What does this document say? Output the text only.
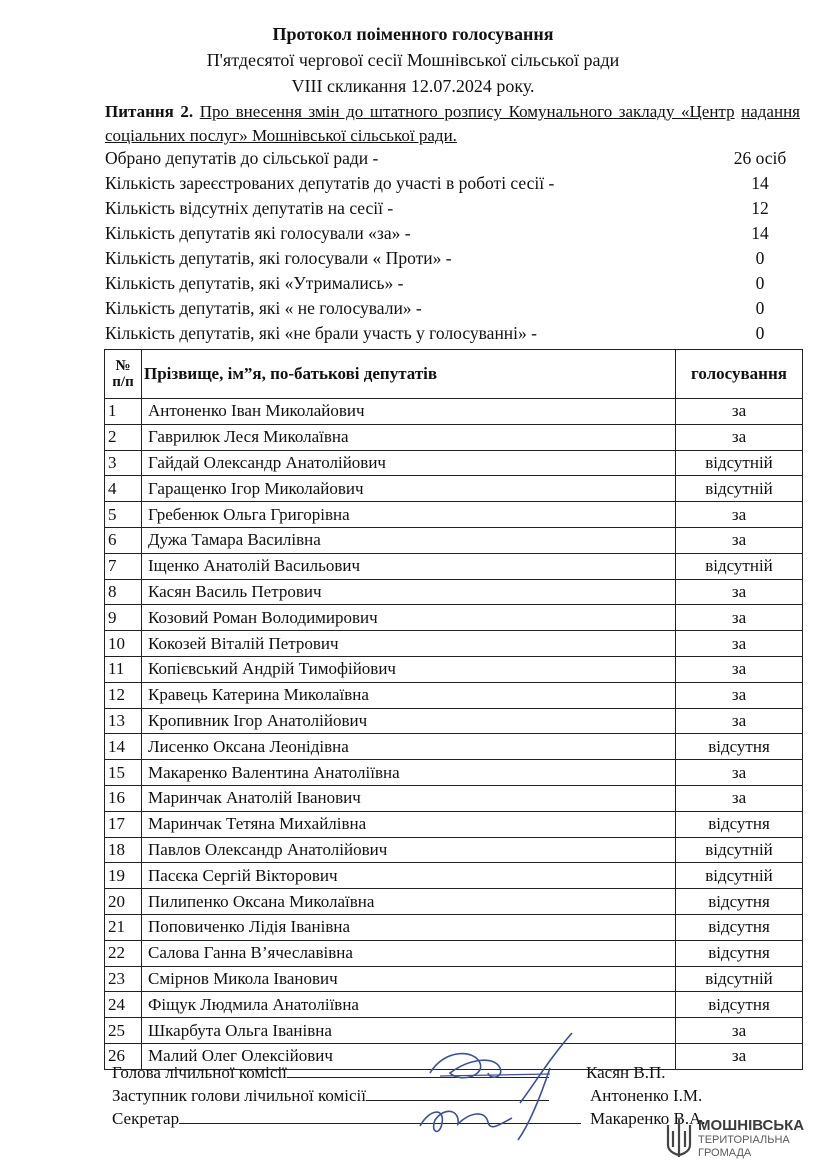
Протокол поіменного голосування
П'ятдесятої чергової сесії Мошнівської сільської ради
VIII скликання 12.07.2024 року.
Питання 2. Про внесення змін до штатного розпису Комунального закладу «Центр надання соціальних послуг» Мошнівської сільської ради.
Обрано депутатів до сільської ради -	26 осіб
Кількість зареєстрованих депутатів до участі в роботі сесії -	14
Кількість відсутніх депутатів на сесії -	12
Кількість депутатів які голосували «за» -	14
Кількість депутатів, які голосували « Проти» -	0
Кількість депутатів, які «Утримались» -	0
Кількість депутатів, які « не голосували» -	0
Кількість депутатів, які «не брали участь у голосуванні» -	0
№
п/п	Прізвище, ім”я, по-батькові депутатів	голосування
1	Антоненко Іван Миколайович	за
2	Гаврилюк Леся Миколаївна	за
3	Гайдай Олександр Анатолійович	відсутній
4	Гаращенко Ігор Миколайович	відсутній
5	Гребенюк Ольга Григорівна	за
6	Дужа Тамара Василівна	за
7	Іщенко Анатолій Васильович	відсутній
8	Касян Василь Петрович	за
9	Козовий Роман Володимирович	за
10	Кокозей Віталій Петрович	за
11	Копієвський Андрій Тимофійович	за
12	Кравець Катерина Миколаївна	за
13	Кропивник Ігор Анатолійович	за
14	Лисенко Оксана Леонідівна	відсутня
15	Макаренко Валентина Анатоліївна	за
16	Маринчак Анатолій Іванович	за
17	Маринчак Тетяна Михайлівна	відсутня
18	Павлов Олександр Анатолійович	відсутній
19	Пасєка Сергій Вікторович	відсутній
20	Пилипенко Оксана Миколаївна	відсутня
21	Поповиченко Лідія Іванівна	відсутня
22	Салова Ганна В’ячеславівна	відсутня
23	Смірнов Микола Іванович	відсутній
24	Фіщук Людмила Анатоліївна	відсутня
25	Шкарбута Ольга Іванівна	за
26	Малий Олег Олексійович	за
Голова лічильної комісії	Касян В.П.
Заступник голови лічильної комісії	Антоненко І.М.
Секретар	Макаренко В.А.
МОШНІВСЬКА
ТЕРИТОРІАЛЬНА
ГРОМАДА
